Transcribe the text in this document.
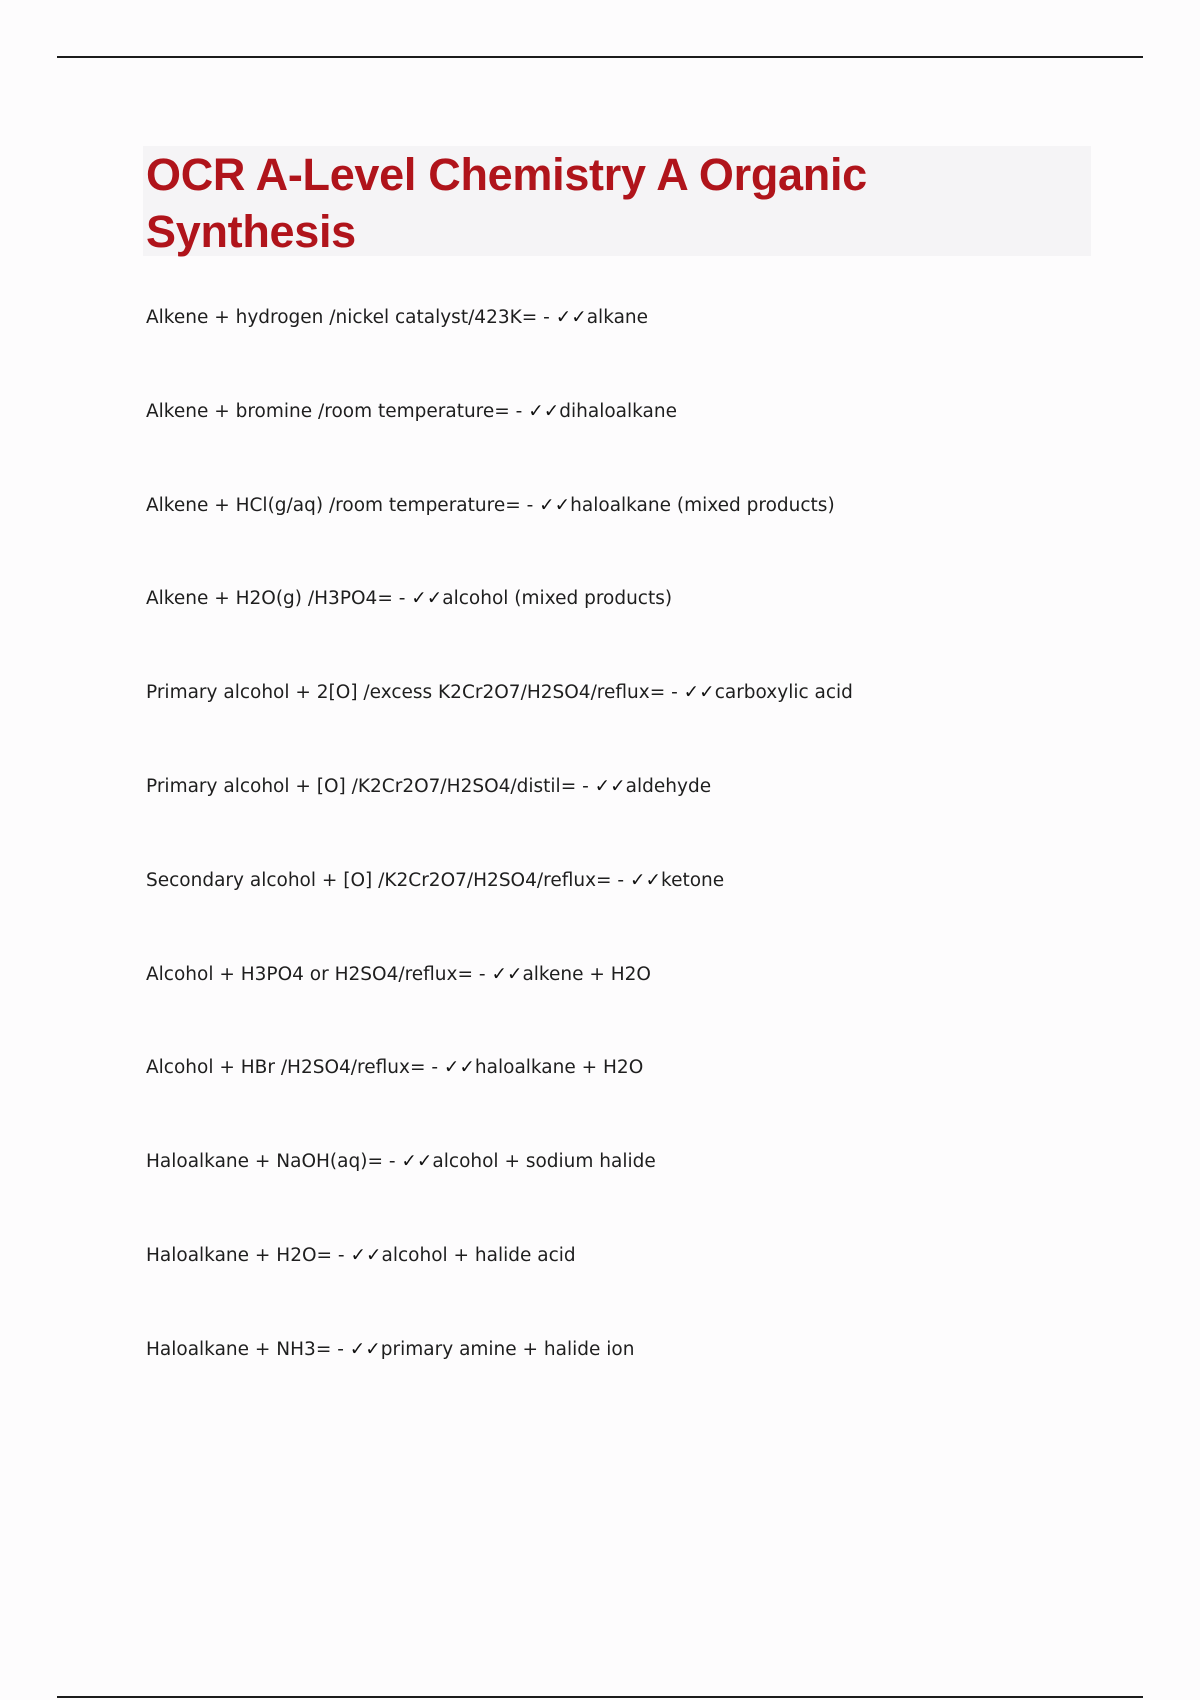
OCR A-Level Chemistry A Organic Synthesis
Alkene + hydrogen /nickel catalyst/423K= - ✓✓alkane
Alkene + bromine /room temperature= - ✓✓dihaloalkane
Alkene + HCl(g/aq) /room temperature= - ✓✓haloalkane (mixed products)
Alkene + H2O(g) /H3PO4= - ✓✓alcohol (mixed products)
Primary alcohol + 2[O] /excess K2Cr2O7/H2SO4/reflux= - ✓✓carboxylic acid
Primary alcohol + [O] /K2Cr2O7/H2SO4/distil= - ✓✓aldehyde
Secondary alcohol + [O] /K2Cr2O7/H2SO4/reflux= - ✓✓ketone
Alcohol + H3PO4 or H2SO4/reflux= - ✓✓alkene + H2O
Alcohol + HBr /H2SO4/reflux= - ✓✓haloalkane + H2O
Haloalkane + NaOH(aq)= - ✓✓alcohol + sodium halide
Haloalkane + H2O= - ✓✓alcohol + halide acid
Haloalkane + NH3= - ✓✓primary amine + halide ion
